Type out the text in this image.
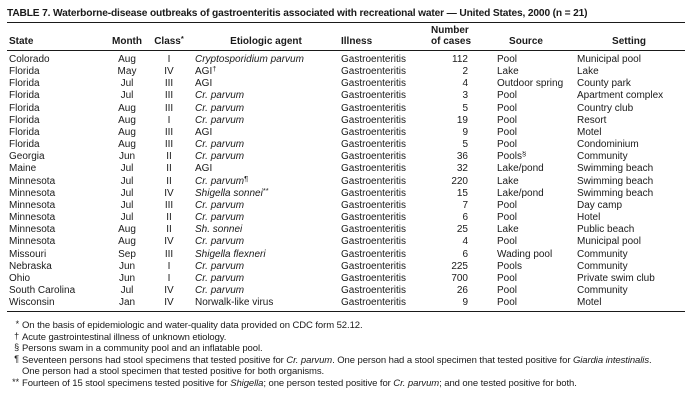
TABLE 7. Waterborne-disease outbreaks of gastroenteritis associated with recreational water — United States, 2000 (n = 21)
State	Month	Class*	Etiologic agent	Illness	Number
of cases	Source	Setting
Colorado	Aug	I	Cryptosporidium parvum	Gastroenteritis	112	Pool	Municipal pool
Florida	May	IV	AGI†	Gastroenteritis	2	Lake	Lake
Florida	Jul	III	AGI	Gastroenteritis	4	Outdoor spring	County park
Florida	Jul	III	Cr. parvum	Gastroenteritis	3	Pool	Apartment complex
Florida	Aug	III	Cr. parvum	Gastroenteritis	5	Pool	Country club
Florida	Aug	I	Cr. parvum	Gastroenteritis	19	Pool	Resort
Florida	Aug	III	AGI	Gastroenteritis	9	Pool	Motel
Florida	Aug	III	Cr. parvum	Gastroenteritis	5	Pool	Condominium
Georgia	Jun	II	Cr. parvum	Gastroenteritis	36	Pools§	Community
Maine	Jul	II	AGI	Gastroenteritis	32	Lake/pond	Swimming beach
Minnesota	Jul	II	Cr. parvum¶	Gastroenteritis	220	Lake	Swimming beach
Minnesota	Jul	IV	Shigella sonnei**	Gastroenteritis	15	Lake/pond	Swimming beach
Minnesota	Jul	III	Cr. parvum	Gastroenteritis	7	Pool	Day camp
Minnesota	Jul	II	Cr. parvum	Gastroenteritis	6	Pool	Hotel
Minnesota	Aug	II	Sh. sonnei	Gastroenteritis	25	Lake	Public beach
Minnesota	Aug	IV	Cr. parvum	Gastroenteritis	4	Pool	Municipal pool
Missouri	Sep	III	Shigella flexneri	Gastroenteritis	6	Wading pool	Community
Nebraska	Jun	I	Cr. parvum	Gastroenteritis	225	Pools	Community
Ohio	Jun	I	Cr. parvum	Gastroenteritis	700	Pool	Private swim club
South Carolina	Jul	IV	Cr. parvum	Gastroenteritis	26	Pool	Community
Wisconsin	Jan	IV	Norwalk-like virus	Gastroenteritis	9	Pool	Motel
* On the basis of epidemiologic and water-quality data provided on CDC form 52.12.
† Acute gastrointestinal illness of unknown etiology.
§ Persons swam in a community pool and an inflatable pool.
¶ Seventeen persons had stool specimens that tested positive for Cr. parvum. One person had a stool specimen that tested positive for Giardia intestinalis.
One person had a stool specimen that tested positive for both organisms.
** Fourteen of 15 stool specimens tested positive for Shigella; one person tested positive for Cr. parvum; and one tested positive for both.
